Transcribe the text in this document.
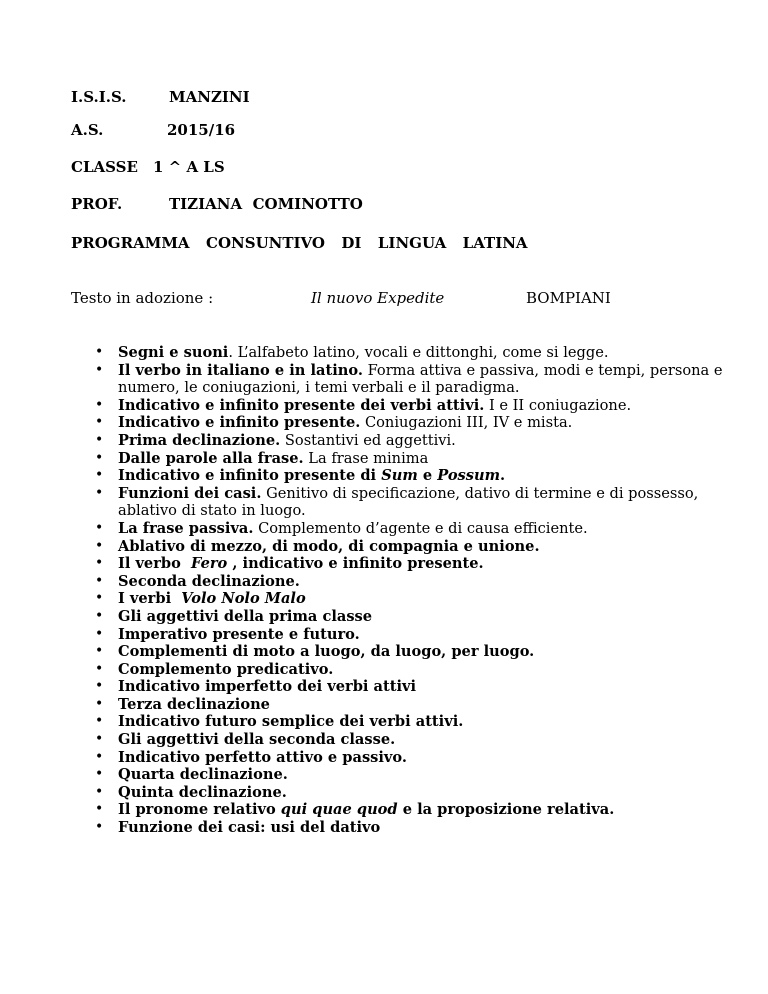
I.S.I.S.	MANZINI
A.S.	2015/16
CLASSE 1 ^ A LS
PROF.	TIZIANA  COMINOTTO
PROGRAMMA  CONSUNTIVO  DI  LINGUA  LATINA
Testo in adozione :	Il nuovo Expedite	BOMPIANI
• Segni e suoni. L’alfabeto latino, vocali e dittonghi, come si legge.
• Il verbo in italiano e in latino. Forma attiva e passiva, modi e tempi, persona e numero, le coniugazioni, i temi verbali e il paradigma.
• Indicativo e infinito presente dei verbi attivi. I e II coniugazione.
• Indicativo e infinito presente. Coniugazioni III, IV e mista.
• Prima declinazione. Sostantivi ed aggettivi.
• Dalle parole alla frase. La frase minima
• Indicativo e infinito presente di Sum e Possum.
• Funzioni dei casi. Genitivo di specificazione, dativo di termine e di possesso, ablativo di stato in luogo.
• La frase passiva. Complemento d’agente e di causa efficiente.
• Ablativo di mezzo, di modo, di compagnia e unione.
• Il verbo  Fero , indicativo e infinito presente.
• Seconda declinazione.
• I verbi  Volo Nolo Malo
• Gli aggettivi della prima classe
• Imperativo presente e futuro.
• Complementi di moto a luogo, da luogo, per luogo.
• Complemento predicativo.
• Indicativo imperfetto dei verbi attivi
• Terza declinazione
• Indicativo futuro semplice dei verbi attivi.
• Gli aggettivi della seconda classe.
• Indicativo perfetto attivo e passivo.
• Quarta declinazione.
• Quinta declinazione.
• Il pronome relativo qui quae quod e la proposizione relativa.
• Funzione dei casi: usi del dativo
